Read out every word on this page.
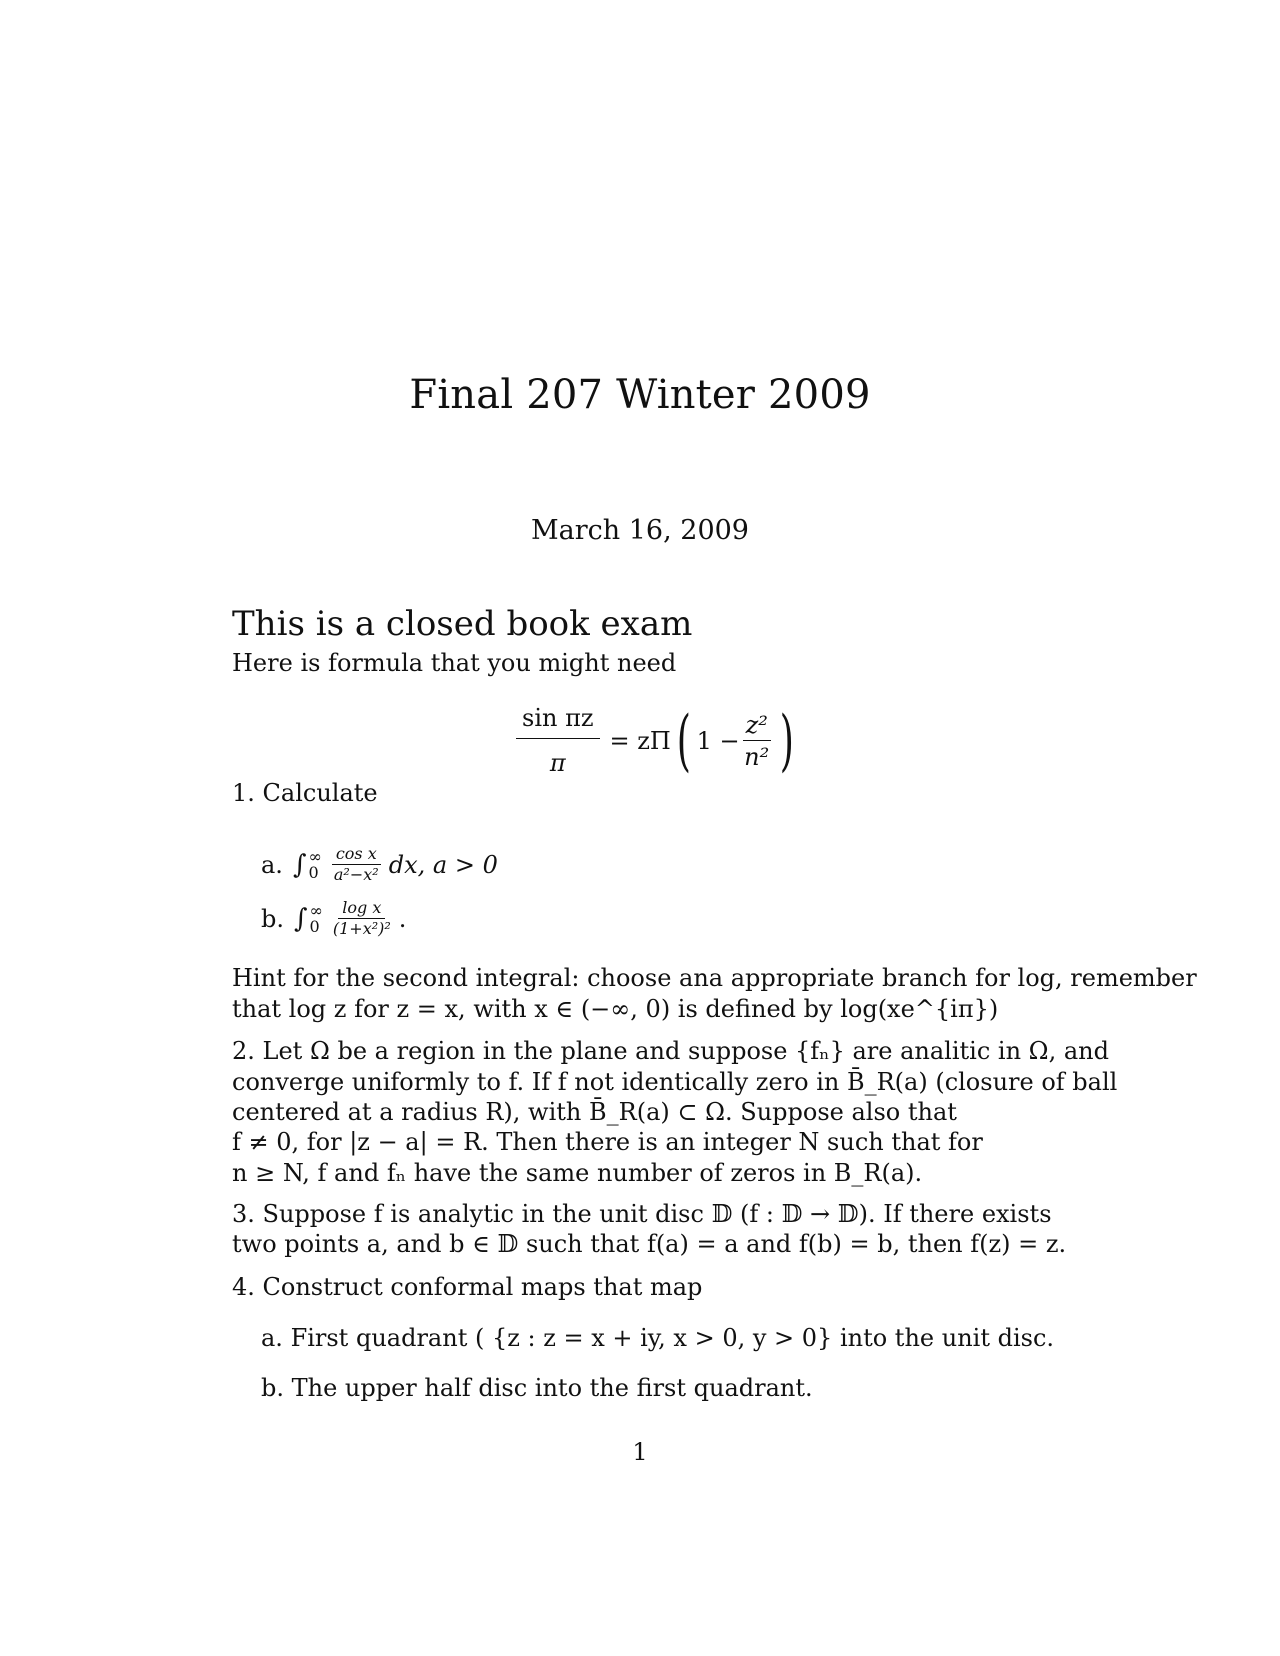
Final 207 Winter 2009
March 16, 2009
This is a closed book exam
Here is formula that you might need
$\frac{\text{sin πz}}{\pi} = z\Pi$ ( $1 - \frac{\text{z²}}{\text{n²}}$ )
1. Calculate
a. ∫ ∞
$0 \frac{\text{cos x}}{\text{a²−x²}}$ dx, a > 0
b. ∫ ∞
$0 \frac{\text{log x}}{\text{(1+x²)²}}$ .
Hint for the second integral: choose ana appropriate branch for log, remember
that log z for z = x, with x ∈ (−∞, 0) is defined by log(xe^{iπ})
2. Let Ω be a region in the plane and suppose {fₙ} are analitic in Ω, and
converge uniformly to f. If f not identically zero in B̄_R(a) (closure of ball
centered at a radius R), with B̄_R(a) ⊂ Ω. Suppose also that
f ≠ 0, for |z − a| = R. Then there is an integer N such that for
n ≥ N, f and fₙ have the same number of zeros in B_R(a).
3. Suppose f is analytic in the unit disc 𝔻 (f : 𝔻 → 𝔻). If there exists
two points a, and b ∈ 𝔻 such that f(a) = a and f(b) = b, then f(z) = z.
4. Construct conformal maps that map
a. First quadrant ( {z : z = x + iy, x > 0, y > 0} into the unit disc.
b. The upper half disc into the first quadrant.
1
